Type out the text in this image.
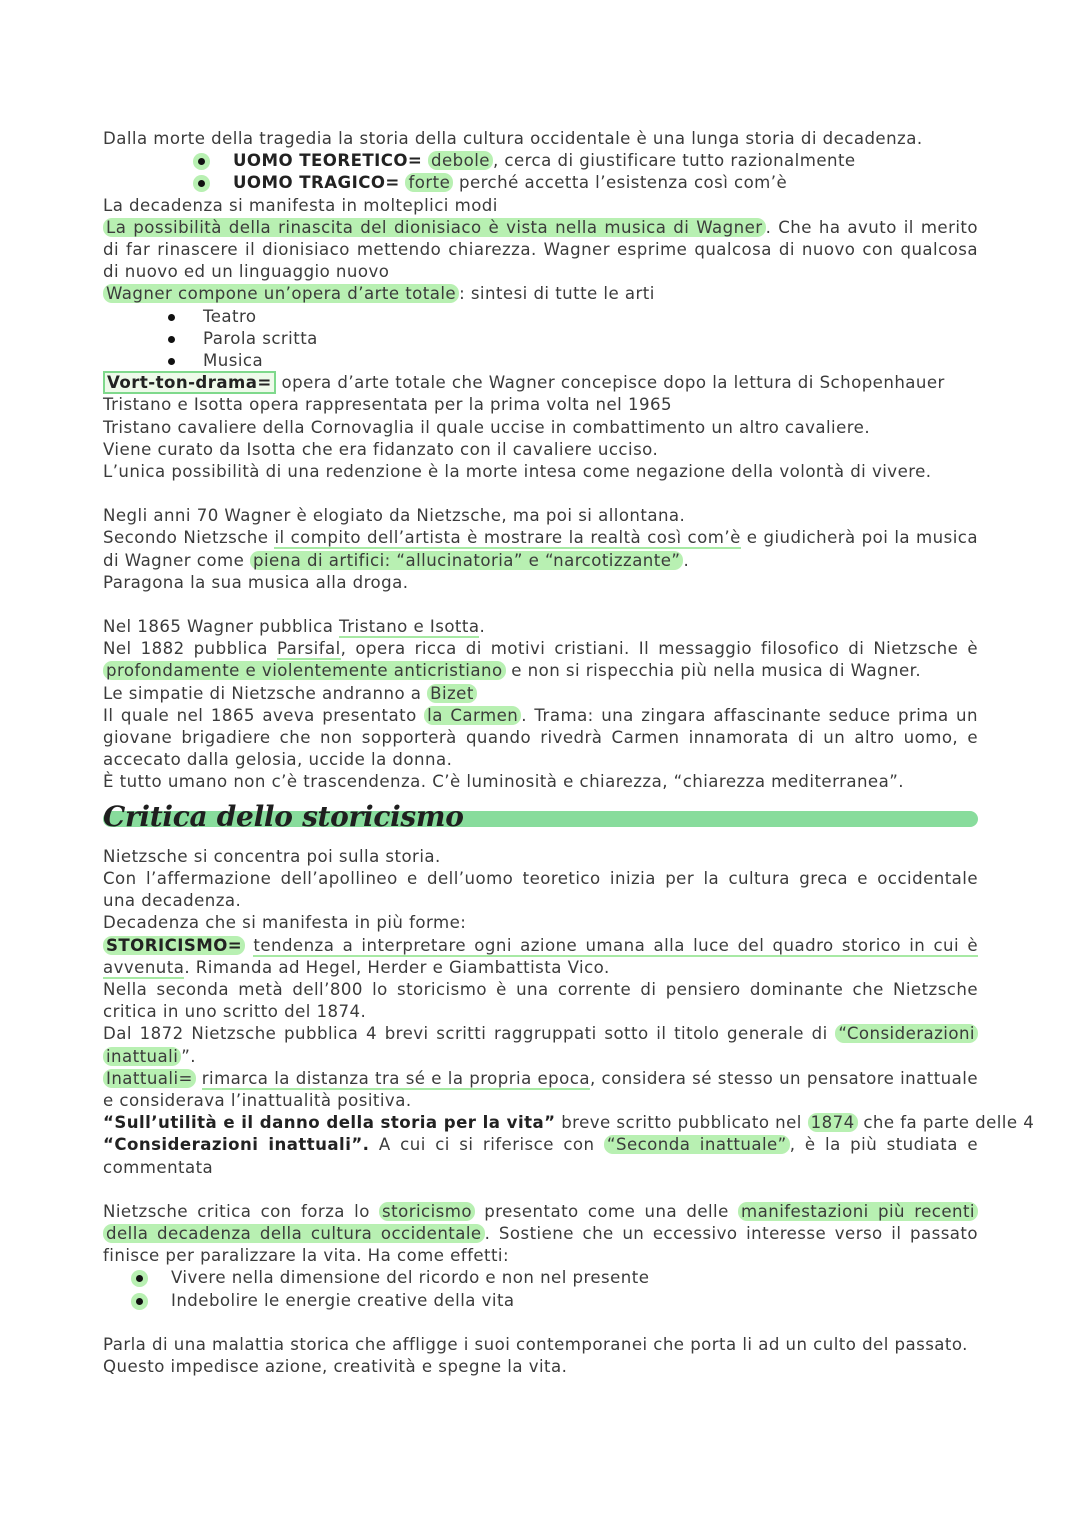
Dalla morte della tragedia la storia della cultura occidentale è una lunga storia di decadenza.

UOMO TEORETICO= debole , cerca di giustificare tutto razionalmente

UOMO TRAGICO= forte perché accetta l’esistenza così com’è

La decadenza si manifesta in molteplici modi

La possibilità della rinascita del dionisiaco è vista nella musica di Wagner . Che ha avuto il merito

di far rinascere il dionisiaco mettendo chiarezza. Wagner esprime qualcosa di nuovo con qualcosa

di nuovo ed un linguaggio nuovo

Wagner compone un’opera d’arte totale : sintesi di tutte le arti

Teatro

Parola scritta

Musica

Vort-ton-drama= opera d’arte totale che Wagner concepisce dopo la lettura di Schopenhauer

Tristano e Isotta opera rappresentata per la prima volta nel 1965

Tristano cavaliere della Cornovaglia il quale uccise in combattimento un altro cavaliere.

Viene curato da Isotta che era fidanzato con il cavaliere ucciso.

L’unica possibilità di una redenzione è la morte intesa come negazione della volontà di vivere.

Negli anni 70 Wagner è elogiato da Nietzsche, ma poi si allontana.

Secondo Nietzsche il compito dell’artista è mostrare la realtà così com’è e giudicherà poi la musica

di Wagner come piena di artifici: “allucinatoria” e “narcotizzante” .

Paragona la sua musica alla droga.

Nel 1865 Wagner pubblica Tristano e Isotta.

Nel 1882 pubblica Parsifal, opera ricca di motivi cristiani. Il messaggio filosofico di Nietzsche è

profondamente e violentemente anticristiano e non si rispecchia più nella musica di Wagner.

Le simpatie di Nietzsche andranno a Bizet

Il quale nel 1865 aveva presentato la Carmen . Trama: una zingara affascinante seduce prima un

giovane brigadiere che non sopporterà quando rivedrà Carmen innamorata di un altro uomo, e

accecato dalla gelosia, uccide la donna.

È tutto umano non c’è trascendenza. C’è luminosità e chiarezza, “chiarezza mediterranea”.

Critica dello storicismo

Nietzsche si concentra poi sulla storia.

Con l’affermazione dell’apollineo e dell’uomo teoretico inizia per la cultura greca e occidentale

una decadenza.

Decadenza che si manifesta in più forme:

STORICISMO= tendenza a interpretare ogni azione umana alla luce del quadro storico in cui è

avvenuta. Rimanda ad Hegel, Herder e Giambattista Vico.

Nella seconda metà dell’800 lo storicismo è una corrente di pensiero dominante che Nietzsche

critica in uno scritto del 1874.

Dal 1872 Nietzsche pubblica 4 brevi scritti raggruppati sotto il titolo generale di “Considerazioni

inattuali ”.

Inattuali= rimarca la distanza tra sé e la propria epoca, considera sé stesso un pensatore inattuale

e considerava l’inattualità positiva.

“Sull’utilità e il danno della storia per la vita” breve scritto pubblicato nel 1874 che fa parte delle 4

“Considerazioni inattuali”. A cui ci si riferisce con “Seconda inattuale” , è la più studiata e

commentata

Nietzsche critica con forza lo storicismo presentato come una delle manifestazioni più recenti

della decadenza della cultura occidentale . Sostiene che un eccessivo interesse verso il passato

finisce per paralizzare la vita. Ha come effetti:

Vivere nella dimensione del ricordo e non nel presente

Indebolire le energie creative della vita

Parla di una malattia storica che affligge i suoi contemporanei che porta li ad un culto del passato.

Questo impedisce azione, creatività e spegne la vita.
